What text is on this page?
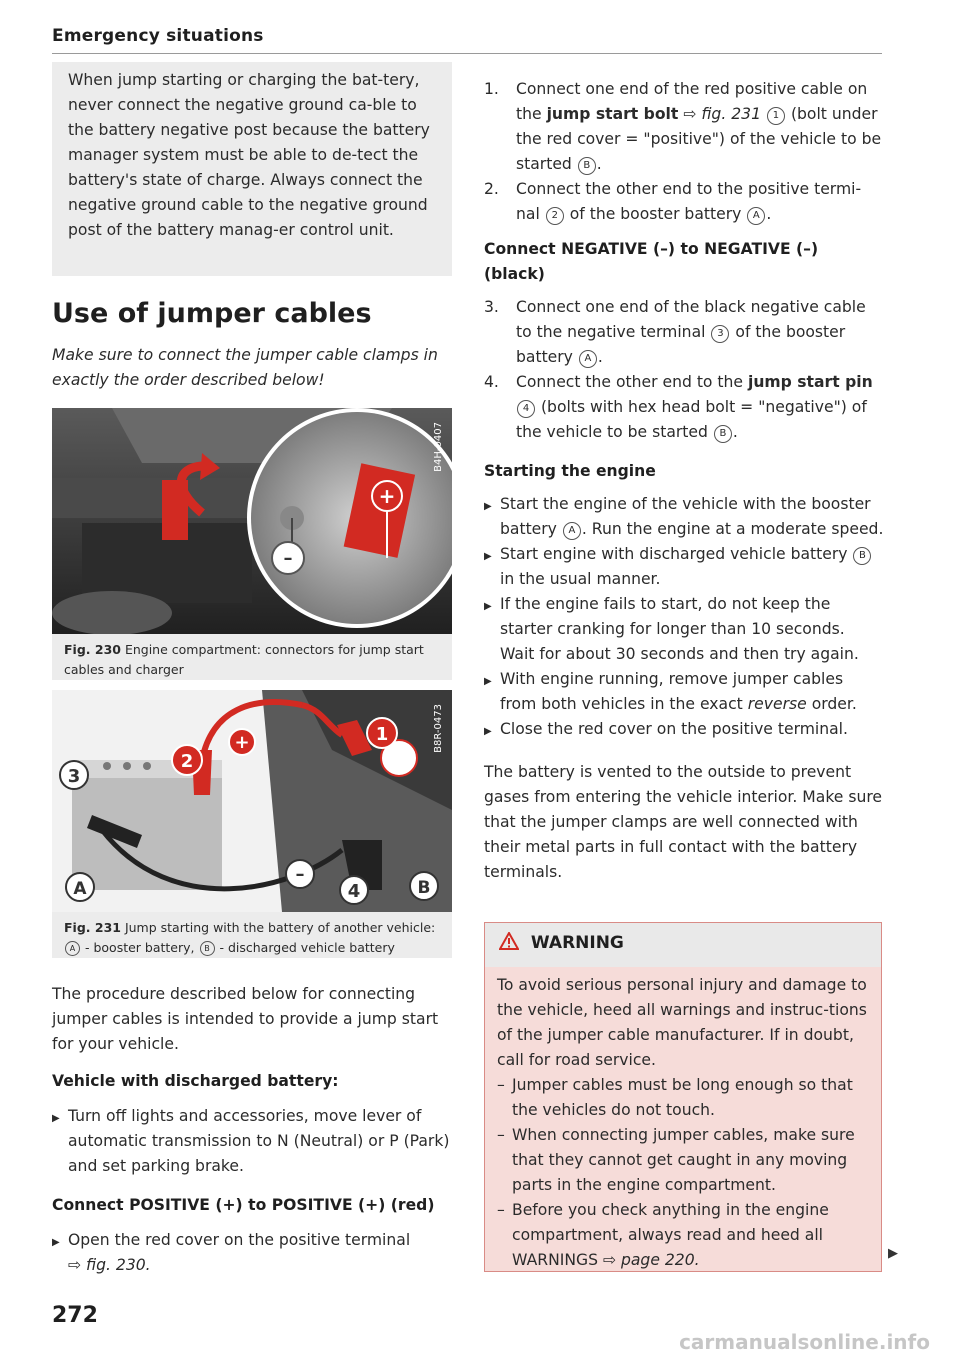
Emergency situations
When jump starting or charging the bat-tery, never connect the negative ground ca-ble to the battery negative post because the battery manager system must be able to de-tect the battery's state of charge. Always connect the negative ground cable to the negative ground post of the battery manag-er control unit.
Use of jumper cables
Make sure to connect the jumper cable clamps in exactly the order described below!
–
+
B4H-0407
Fig. 230 Engine compartment: connectors for jump start cables and charger
1
+
2
3
–
4
A	B
B8R-0473
Fig. 231 Jump starting with the battery of another vehicle:
A - booster battery, B - discharged vehicle battery
The procedure described below for connecting jumper cables is intended to provide a jump start for your vehicle.
Vehicle with discharged battery:
▶ Turn off lights and accessories, move lever of automatic transmission to N (Neutral) or P (Park) and set parking brake.
Connect POSITIVE (+) to POSITIVE (+) (red)
▶ Open the red cover on the positive terminal
⇨ fig. 230.
1.	Connect one end of the red positive cable on the jump start bolt ⇨ fig. 231 1 (bolt under the red cover = "positive") of the vehicle to be started B .
2.	Connect the other end to the positive termi-nal 2 of the booster battery A .
Connect NEGATIVE (–) to NEGATIVE (–) (black)
3.	Connect one end of the black negative cable to the negative terminal 3 of the booster battery A .
4.	Connect the other end to the jump start pin 4 (bolts with hex head bolt = "negative") of the vehicle to be started B .
Starting the engine
▶ Start the engine of the vehicle with the booster battery A . Run the engine at a moderate speed.
▶ Start engine with discharged vehicle battery B in the usual manner.
▶ If the engine fails to start, do not keep the starter cranking for longer than 10 seconds. Wait for about 30 seconds and then try again.
▶ With engine running, remove jumper cables from both vehicles in the exact reverse order.
▶ Close the red cover on the positive terminal.
The battery is vented to the outside to prevent gases from entering the vehicle interior. Make sure that the jumper clamps are well connected with their metal parts in full contact with the battery terminals.
WARNING
To avoid serious personal injury and damage to the vehicle, heed all warnings and instruc-tions of the jumper cable manufacturer. If in doubt, call for road service.
– Jumper cables must be long enough so that the vehicles do not touch.
– When connecting jumper cables, make sure that they cannot get caught in any moving parts in the engine compartment.
– Before you check anything in the engine compartment, always read and heed all WARNINGS ⇨ page 220.	▶
272
carmanualsonline.info
